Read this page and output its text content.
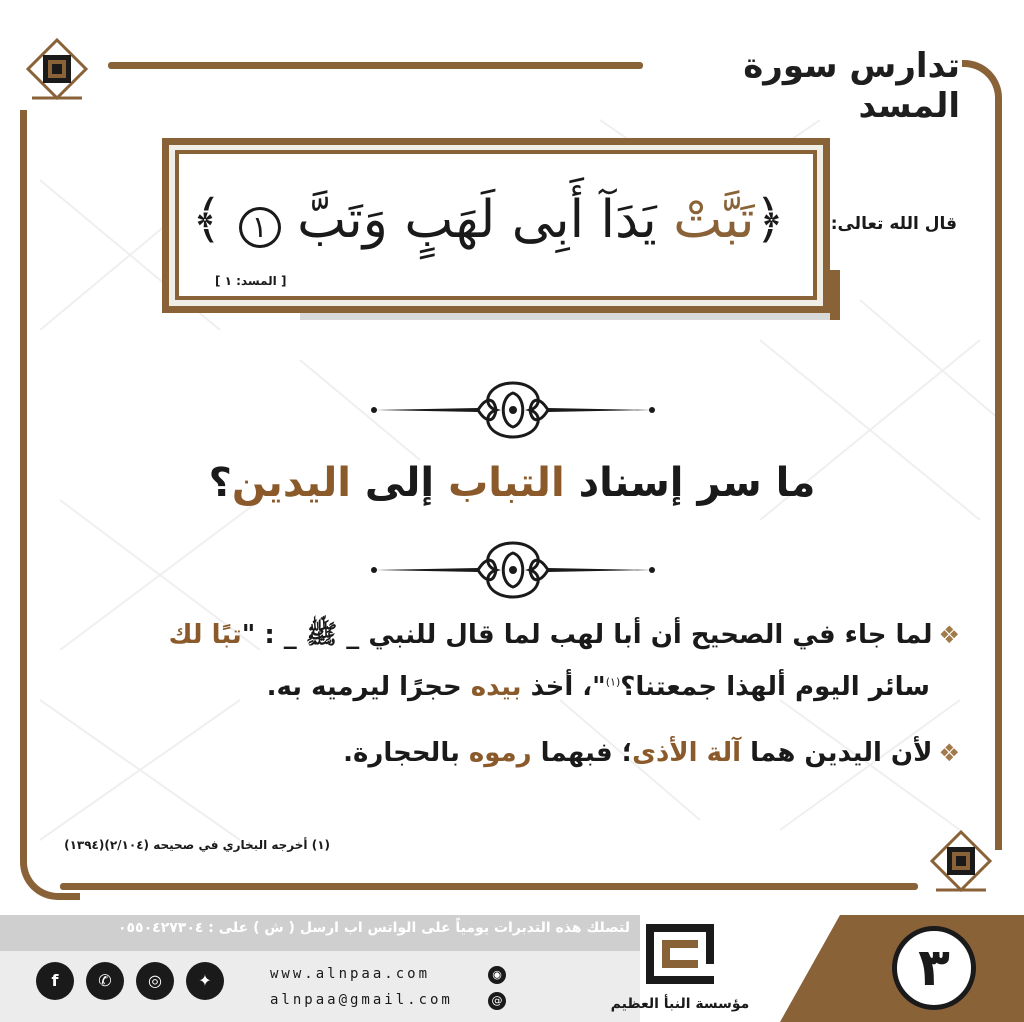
تدارس سورة المسد
﴿تَبَّتْ يَدَآ أَبِى لَهَبٍ وَتَبَّ ١ ﴾
[ المسد: ١ ]
قال الله تعالى:
ما سر إسناد التباب إلى اليدين؟
❖لما جاء في الصحيح أن أبا لهب لما قال للنبي _ ﷺ _ : "تبًا لك
سائر اليوم ألهذا جمعتنا؟$^{(١)}$"، أخذ بيده حجرًا ليرميه به.
❖لأن اليدين هما آلة الأذى؛ فبهما رموه بالحجارة.
(١) أخرجه البخاري في صحيحه (٢/١٠٤)(١٣٩٤)
لتصلك هذه التدبرات يومياً على الواتس اب ارسل ( ش ) على : ٠٥٥٠٤٢٧٣٠٤
٣
f	✆	◎	✦	www.alnpaa.com	◉
alnpaa@gmail.com	@	مؤسسة النبأ العظيم
